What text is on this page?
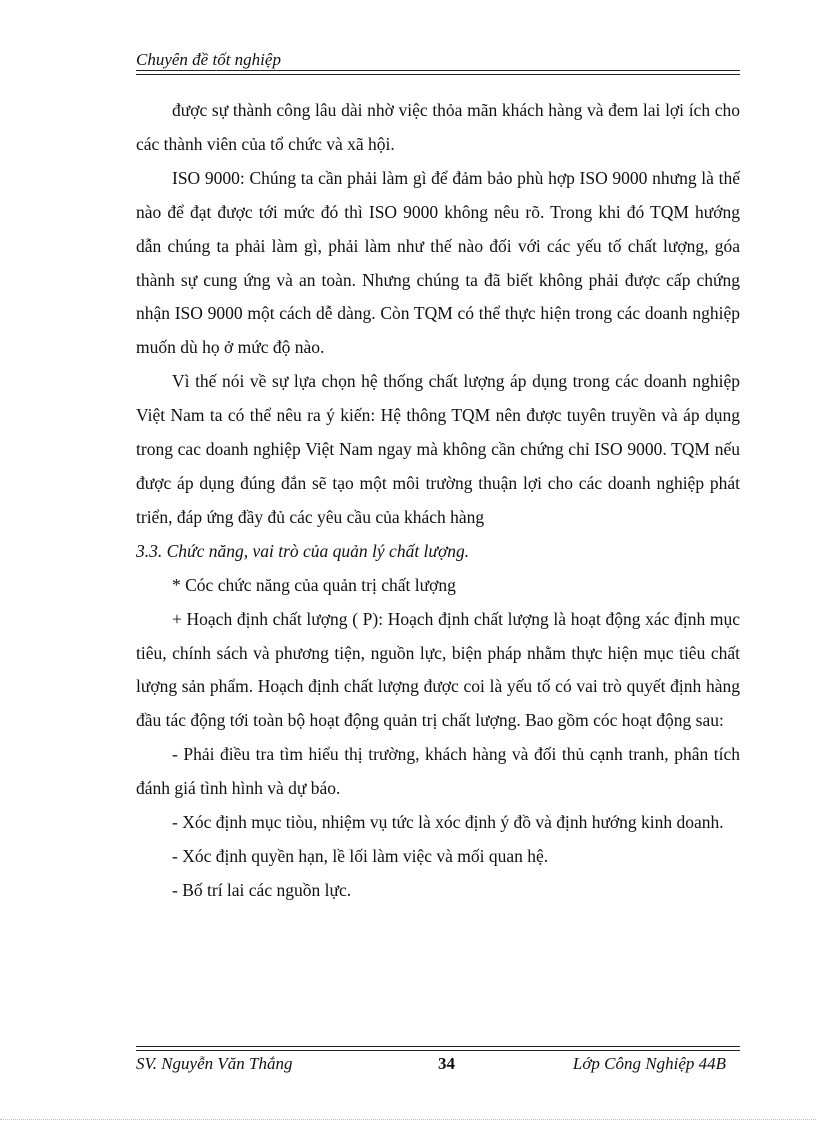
Chuyên đề tốt nghiệp

được sự thành công lâu dài nhờ việc thỏa mãn khách hàng và đem lai lợi ích cho các thành viên của tổ chức và xã hội.

ISO 9000: Chúng ta cần phải làm gì để đảm bảo phù hợp ISO 9000 nhưng là thế nào để đạt được tới mức đó thì ISO 9000 không nêu rõ. Trong khi đó TQM hướng dẫn chúng ta phải làm gì, phải làm như thế nào đối với các yếu tố chất lượng, góa thành sự cung ứng và an toàn. Nhưng chúng ta đã biết không phải được cấp chứng nhận ISO 9000 một cách dễ dàng. Còn TQM có thể thực hiện trong các doanh nghiệp muốn dù họ ở mức độ nào.

Vì thế nói về sự lựa chọn hệ thống chất lượng áp dụng trong các doanh nghiệp Việt Nam ta có thể nêu ra ý kiến: Hệ thông TQM nên được tuyên truyền và áp dụng trong cac doanh nghiệp Việt Nam ngay mà không cần chứng chỉ ISO 9000. TQM nếu được áp dụng đúng đắn sẽ tạo một môi trường thuận lợi cho các doanh nghiệp phát triển, đáp ứng đầy đủ các yêu cầu của khách hàng

3.3. Chức năng, vai trò của quản lý chất lượng.

* Cóc chức năng của quản trị chất lượng

+ Hoạch định chất lượng ( P): Hoạch định chất lượng là hoạt động xác định mục tiêu, chính sách và phương tiện, nguồn lực, biện pháp nhằm thực hiện mục tiêu chất lượng sản phẩm. Hoạch định chất lượng được coi là yếu tố có vai trò quyết định hàng đầu tác động tới toàn bộ hoạt động quản trị chất lượng. Bao gồm cóc hoạt động sau:

- Phải điều tra tìm hiểu thị trường, khách hàng và đối thủ cạnh tranh, phân tích đánh giá tình hình và dự báo.

- Xóc định mục tiòu, nhiệm vụ tức là xóc định ý đồ và định hướng kinh doanh.

- Xóc định quyền hạn, lề lối làm việc và mối quan hệ.

- Bố trí lai các nguồn lực.

SV. Nguyễn Văn Thắng	34	Lớp Công Nghiệp 44B
